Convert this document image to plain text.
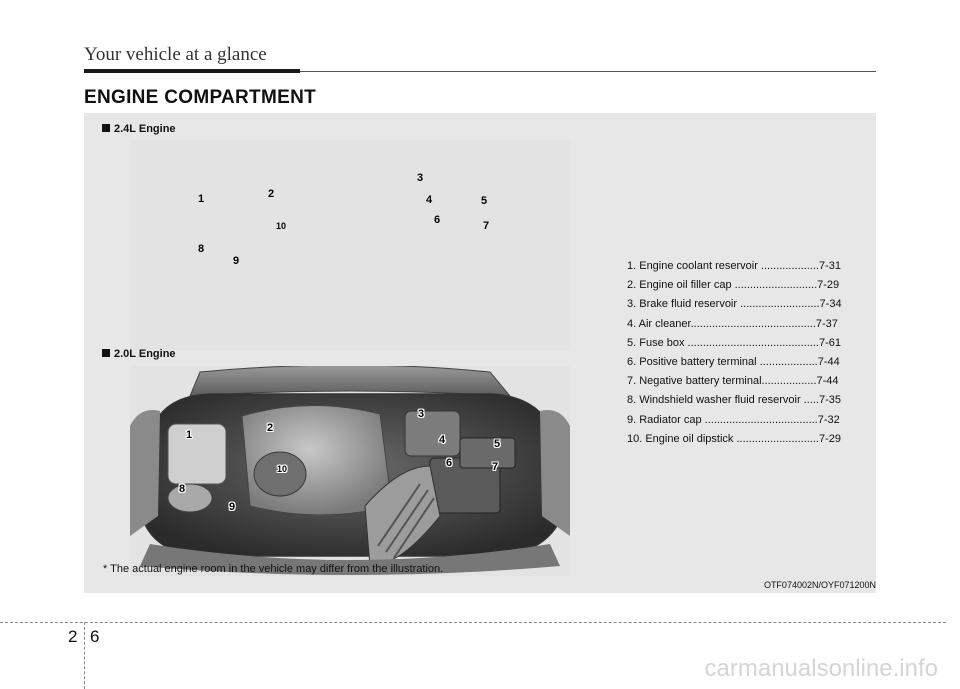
Your vehicle at a glance
ENGINE COMPARTMENT
2.4L Engine
1	2
3
4	5
6	7
8
9
10
2.0L Engine
1
2
3
4	5
6	7
8
9
10
1. Engine coolant reservoir ...................7-31
2. Engine oil filler cap ...........................7-29
3. Brake fluid reservoir ..........................7-34
4. Air cleaner.........................................7-37
5. Fuse box ...........................................7-61
6. Positive battery terminal ...................7-44
7. Negative battery terminal..................7-44
8. Windshield washer fluid reservoir .....7-35
9. Radiator cap .....................................7-32
10. Engine oil dipstick ...........................7-29
* The actual engine room in the vehicle may differ from the illustration.
OTF074002N/OYF071200N
2 6
carmanualsonline.info
